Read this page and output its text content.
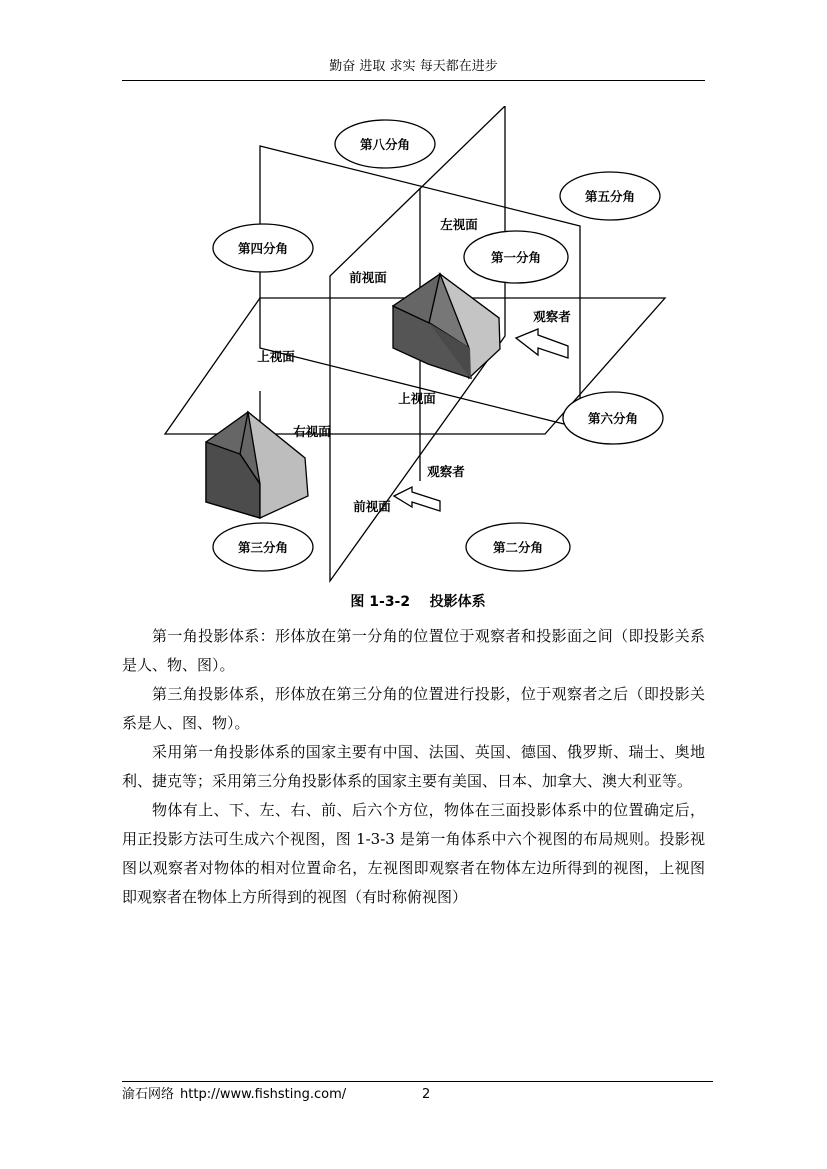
勤奋 进取 求实 每天都在进步
第八分角
第五分角
第四分角
第一分角
第六分角
第三分角	第二分角
左视面
前视面
上视面
观察者
上视面
右视面
观察者
前视面
图 1-3-2    投影体系

第一角投影体系：形体放在第一分角的位置位于观察者和投影面之间（即投影关系是人、物、图）。

第三角投影体系，形体放在第三分角的位置进行投影，位于观察者之后（即投影关系是人、图、物）。

采用第一角投影体系的国家主要有中国、法国、英国、德国、俄罗斯、瑞士、奥地利、捷克等；采用第三分角投影体系的国家主要有美国、日本、加拿大、澳大利亚等。

物体有上、下、左、右、前、后六个方位，物体在三面投影体系中的位置确定后，用正投影方法可生成六个视图，图 1-3-3 是第一角体系中六个视图的布局规则。投影视图以观察者对物体的相对位置命名，左视图即观察者在物体左边所得到的视图，上视图即观察者在物体上方所得到的视图（有时称俯视图）

渝石网络 http://www.fishsting.com/	2
